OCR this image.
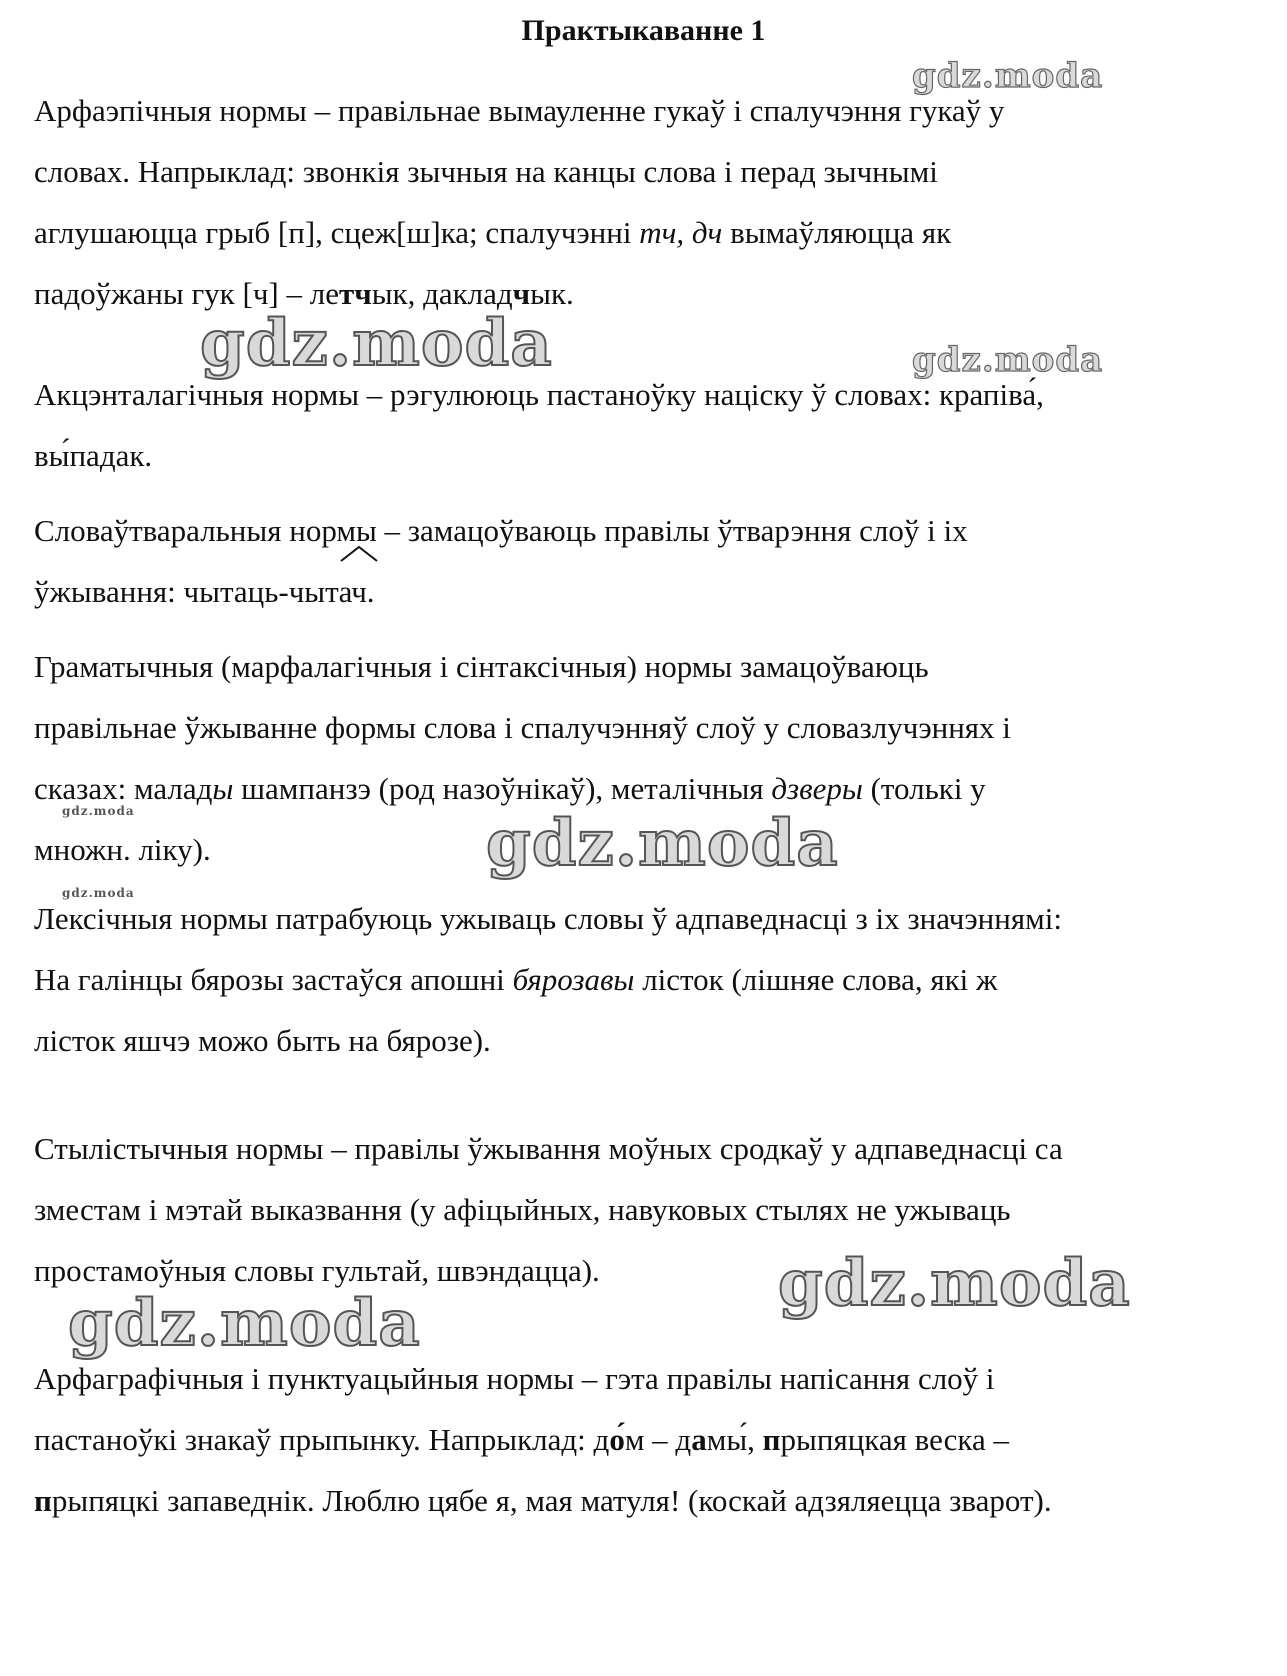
gdz.moda
gdz.moda	gdz.moda
gdz.moda	gdz.moda
gdz.moda
gdz.moda
gdz.moda
Практыкаванне 1
Арфаэпічныя нормы – правільнае вымауленне гукаў і спалучэння гукаў у
словах. Напрыклад: звонкія зычныя на канцы слова і перад зычнымі
аглушаюцца грыб [п], сцеж[ш]ка; спалучэнні тч, дч вымаўляюцца як
падоўжаны гук [ч] – летчык, дакладчык.
Акцэнталагічныя нормы – рэгулююць пастаноўку націску ў словах: крапіва́,
вы́падак.
Словаўтваральныя нормы – замацоўваюць правілы ўтварэння слоў і іх
ўжывання: чытаць-чыт
ач.
Граматычныя (марфалагічныя і сінтаксічныя) нормы замацоўваюць
правільнае ўжыванне формы слова і спалучэнняў слоў у словазлучэннях і
сказах: малады шампанзэ (род назоўнікаў), металічныя дзверы (толькі у
множн. ліку).
Лексічныя нормы патрабуюць ужываць словы ў адпаведнасці з іх значэннямі:
На галінцы бярозы застаўся апошні бярозавы лісток (лішняе слова, які ж
лісток яшчэ можо быть на бярозе).
Стылістычныя нормы – правілы ўжывання моўных сродкаў у адпаведнасці са
зместам і мэтай выказвання (у афіцыйных, навуковых стылях не ужываць
простамоўныя словы гультай, швэндацца).
Арфаграфічныя і пунктуацыйныя нормы – гэта правілы напісання слоў і
пастаноўкі знакаў прыпынку. Напрыклад: до́м – дамы́, прыпяцкая веска –
прыпяцкі запаведнік. Люблю цябе я, мая матуля! (коскай адзяляецца зварот).
